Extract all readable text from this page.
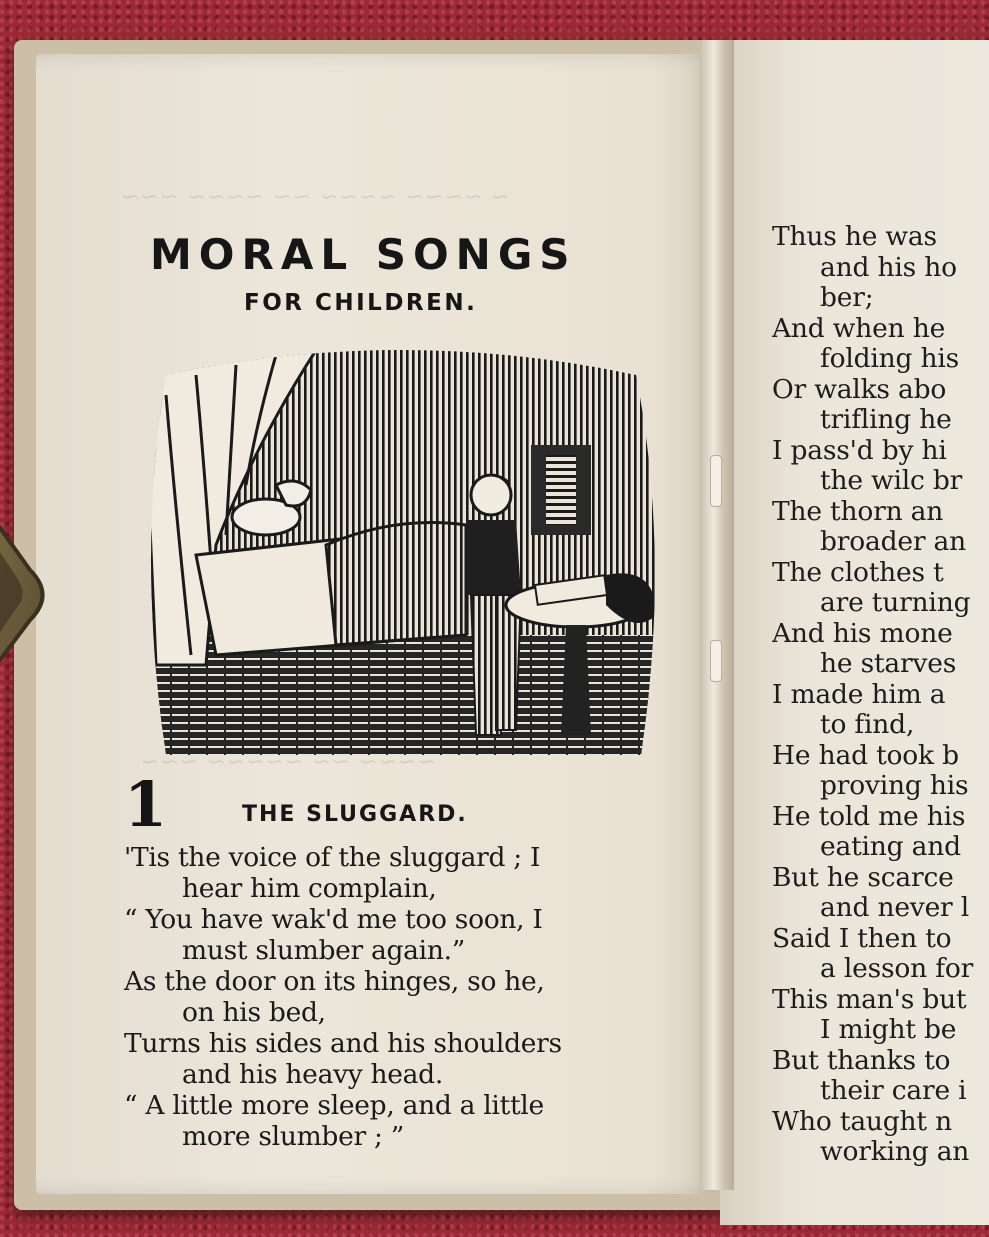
~ ~~~~ ~~~~ ~~ ~~~~ ~~~
~~~~ ~~ ~~~~~ ~~~
MORAL SONGS
FOR CHILDREN.
1	THE SLUGGARD.
'Tis the voice of the sluggard ; I
hear him complain,
“ You have wak'd me too soon, I
must slumber again.”
As the door on its hinges, so he,
on his bed,
Turns his sides and his shoulders
and his heavy head.
“ A little more sleep, and a little
more slumber ; ”
Thus he was
and his ho
ber;
And when he
folding his
Or walks abo
trifling he
I pass'd by hi
the wilc br
The thorn an
broader an
The clothes t
are turning
And his mone
he starves
I made him a
to find,
He had took b
proving his
He told me his
eating and
But he scarce
and never l
Said I then to
a lesson for
This man's but
I might be
But thanks to
their care i
Who taught n
working an
